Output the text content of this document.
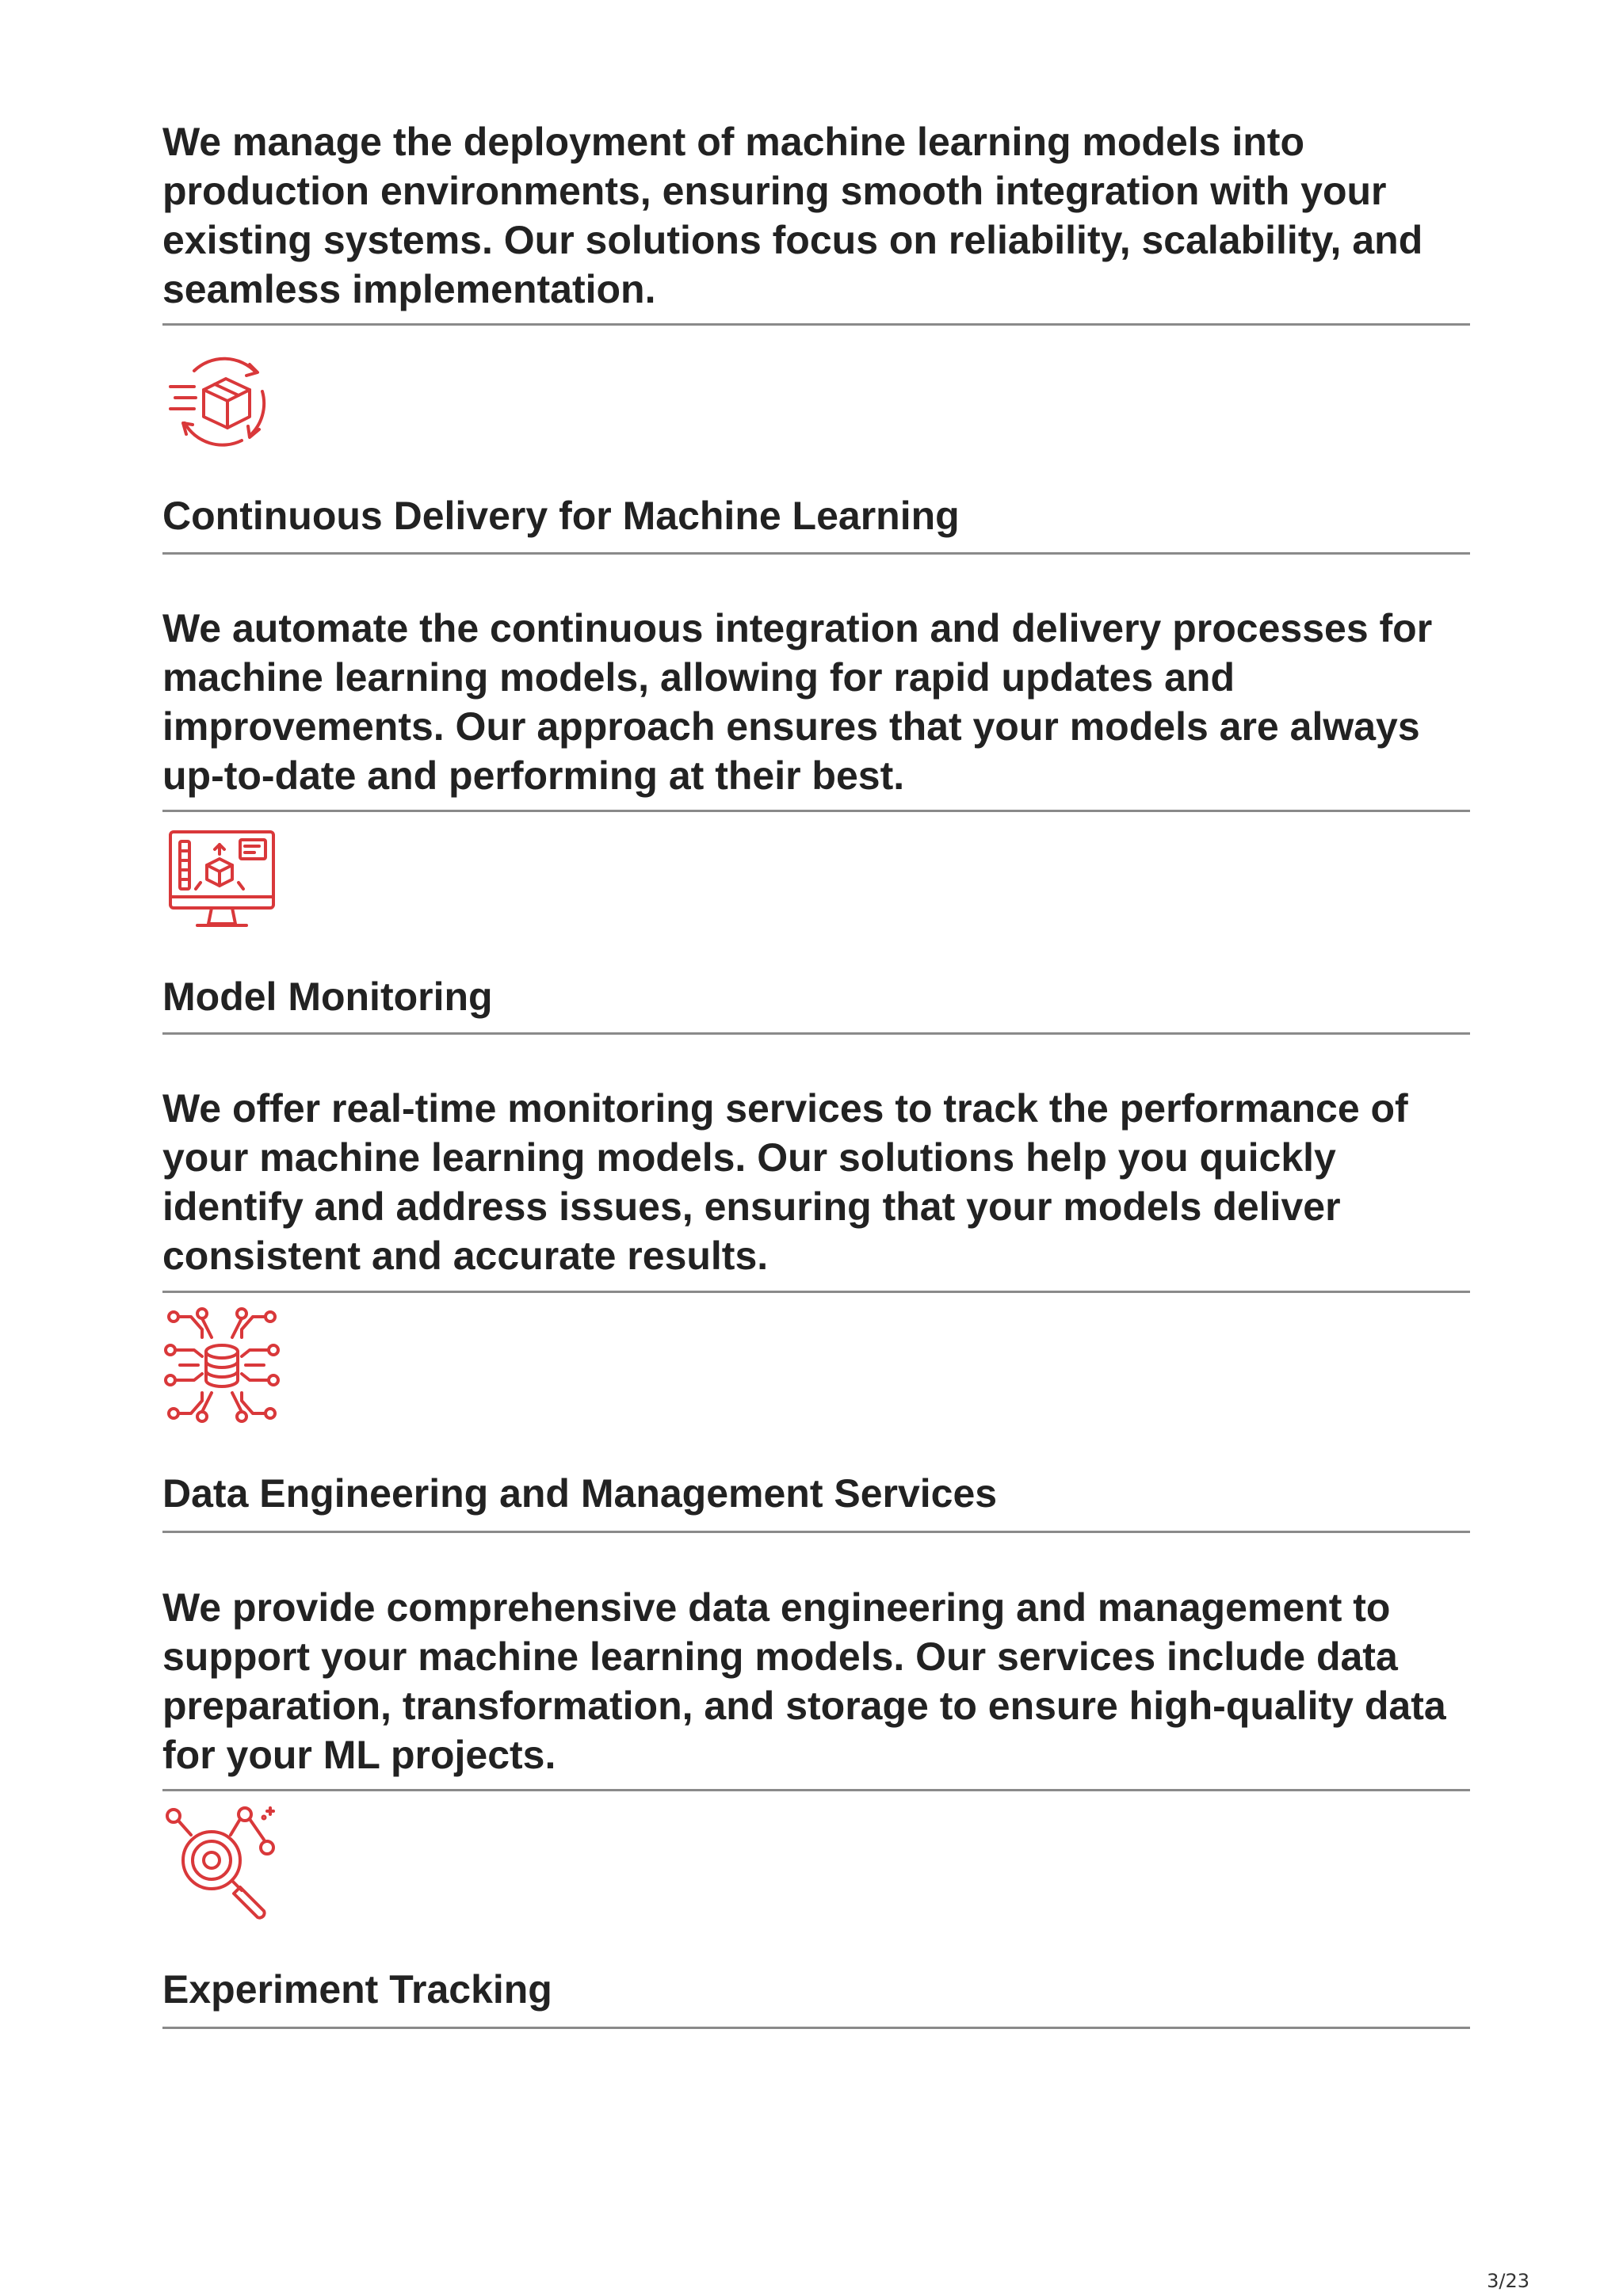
We manage the deployment of machine learning models into production environments, ensuring smooth integration with your existing systems. Our solutions focus on reliability, scalability, and seamless implementation.

Continuous Delivery for Machine Learning

We automate the continuous integration and delivery processes for machine learning models, allowing for rapid updates and improvements. Our approach ensures that your models are always up-to-date and performing at their best.

Model Monitoring

We offer real-time monitoring services to track the performance of your machine learning models. Our solutions help you quickly identify and address issues, ensuring that your models deliver consistent and accurate results.

Data Engineering and Management Services

We provide comprehensive data engineering and management to support your machine learning models. Our services include data preparation, transformation, and storage to ensure high-quality data for your ML projects.

Experiment Tracking
3/23
